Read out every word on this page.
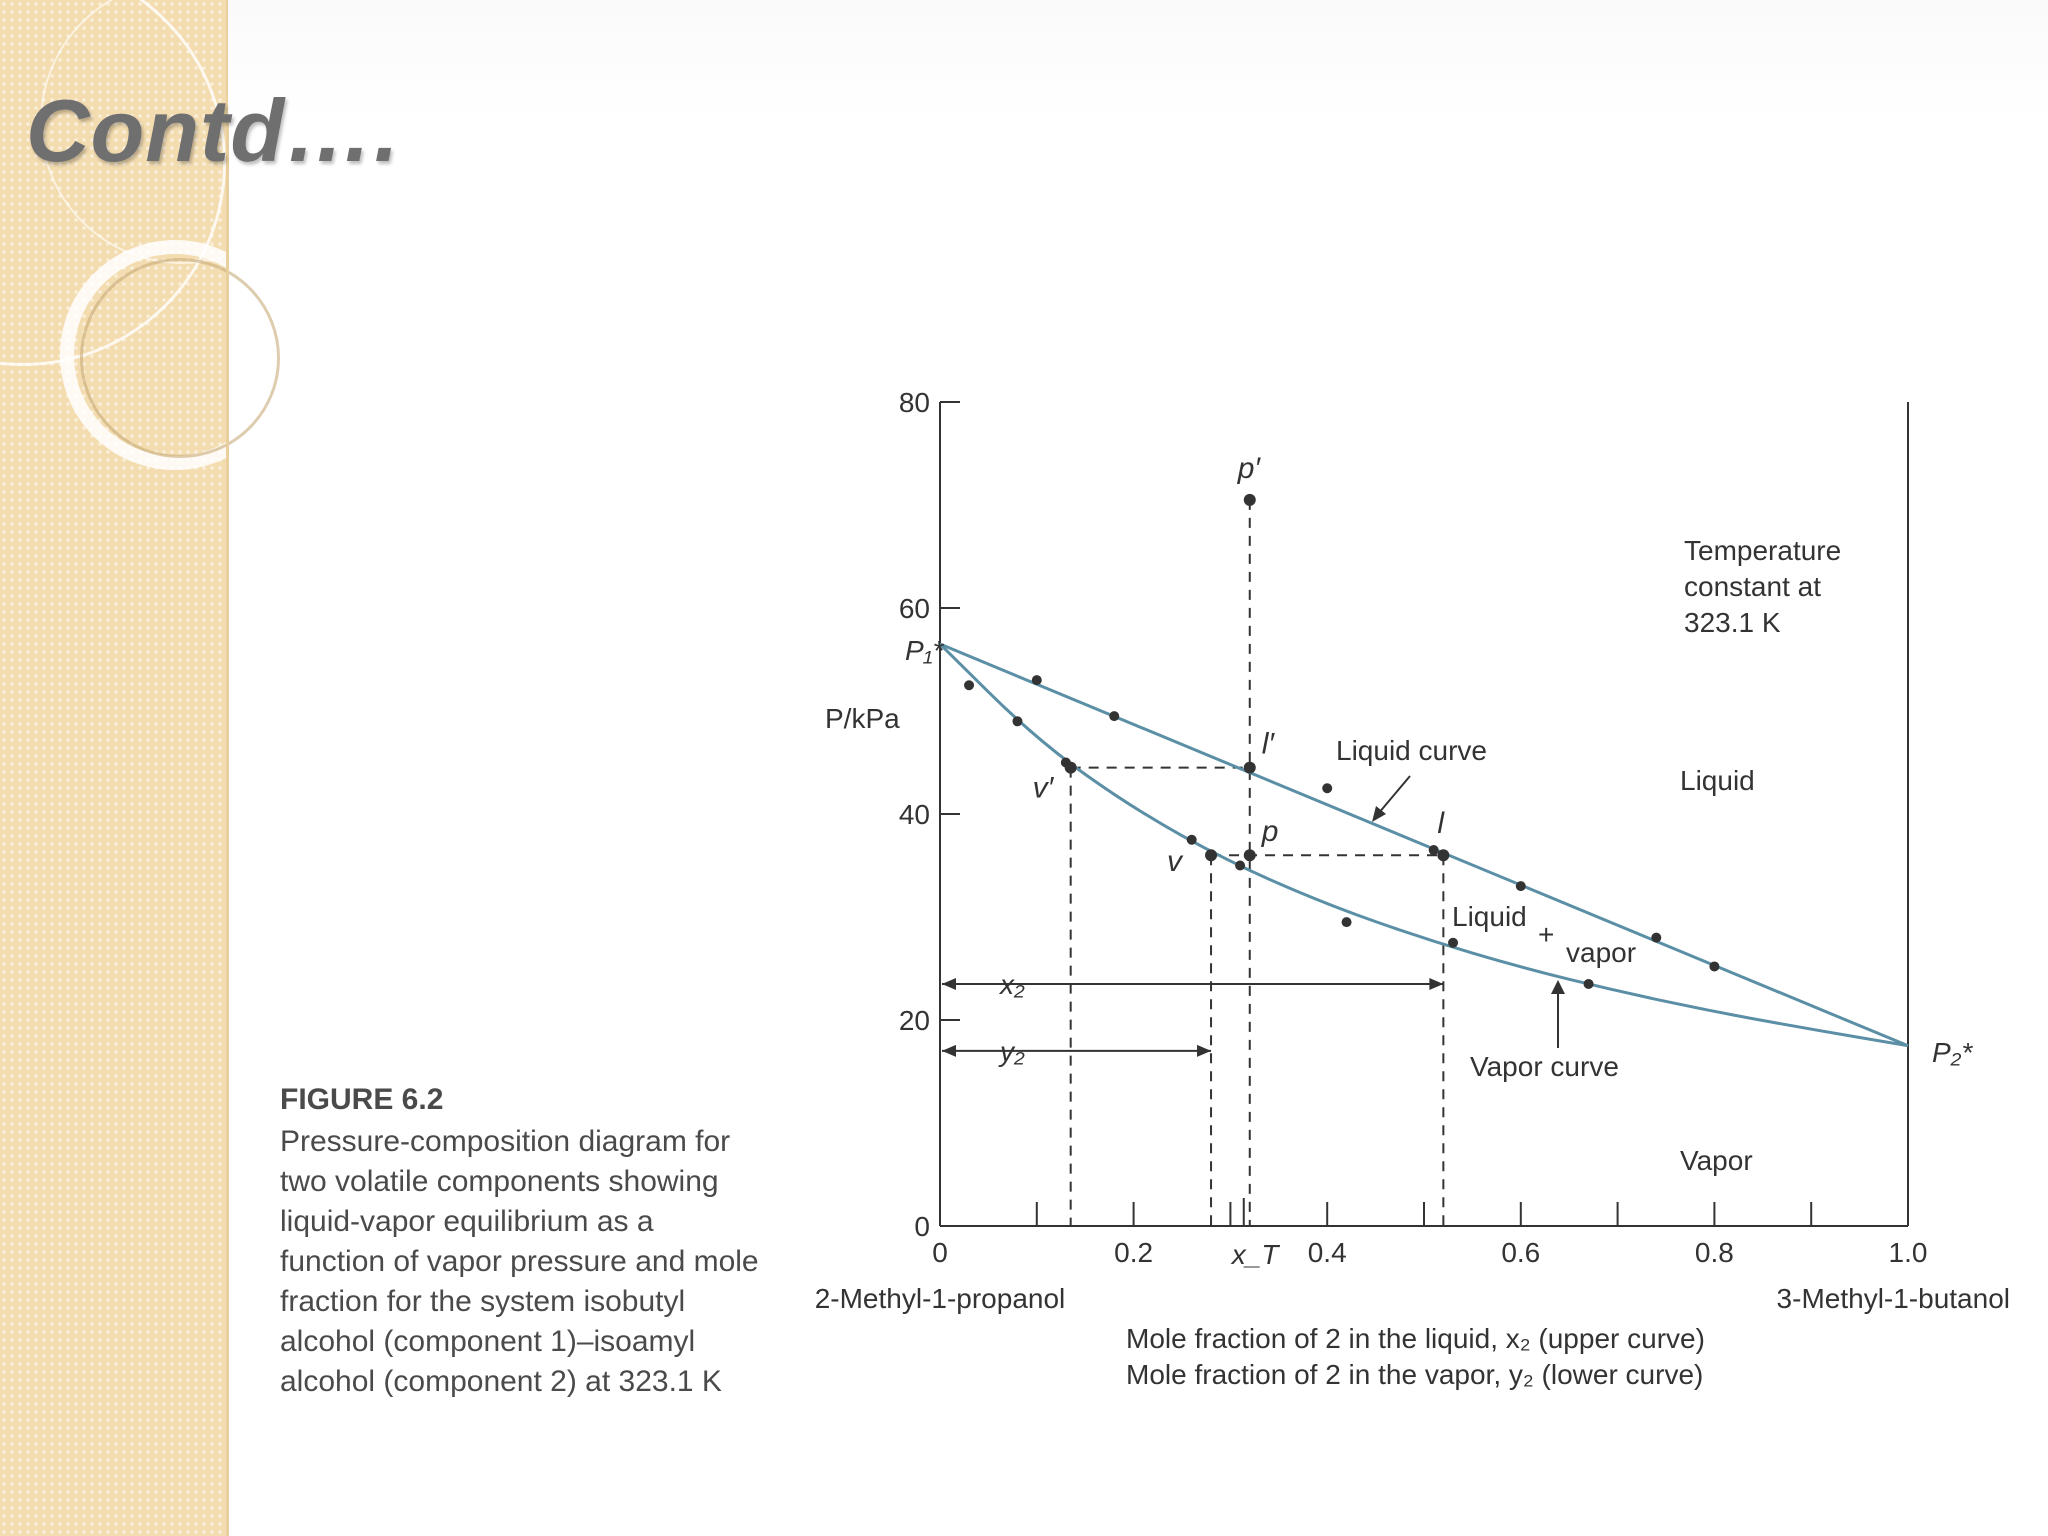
Contd….
FIGURE 6.2
Pressure-composition diagram for two volatile components showing liquid-vapor equilibrium as a function of vapor pressure and mole fraction for the system isobutyl alcohol (component 1)–isoamyl alcohol (component 2) at 323.1 K
0
20
40
60
80
0	0.2	0.4	0.6	0.8	1.0
P/kPa
P₁*
P₂*
p′
l′
p	l
v′
v
Liquid curve
Vapor curve
Liquid
+
vapor
Liquid
Vapor
Temperature
constant at
323.1 K
x_T
x₂
y₂
2-Methyl-1-propanol	3-Methyl-1-butanol
Mole fraction of 2 in the liquid, x₂ (upper curve)
Mole fraction of 2 in the vapor, y₂ (lower curve)
